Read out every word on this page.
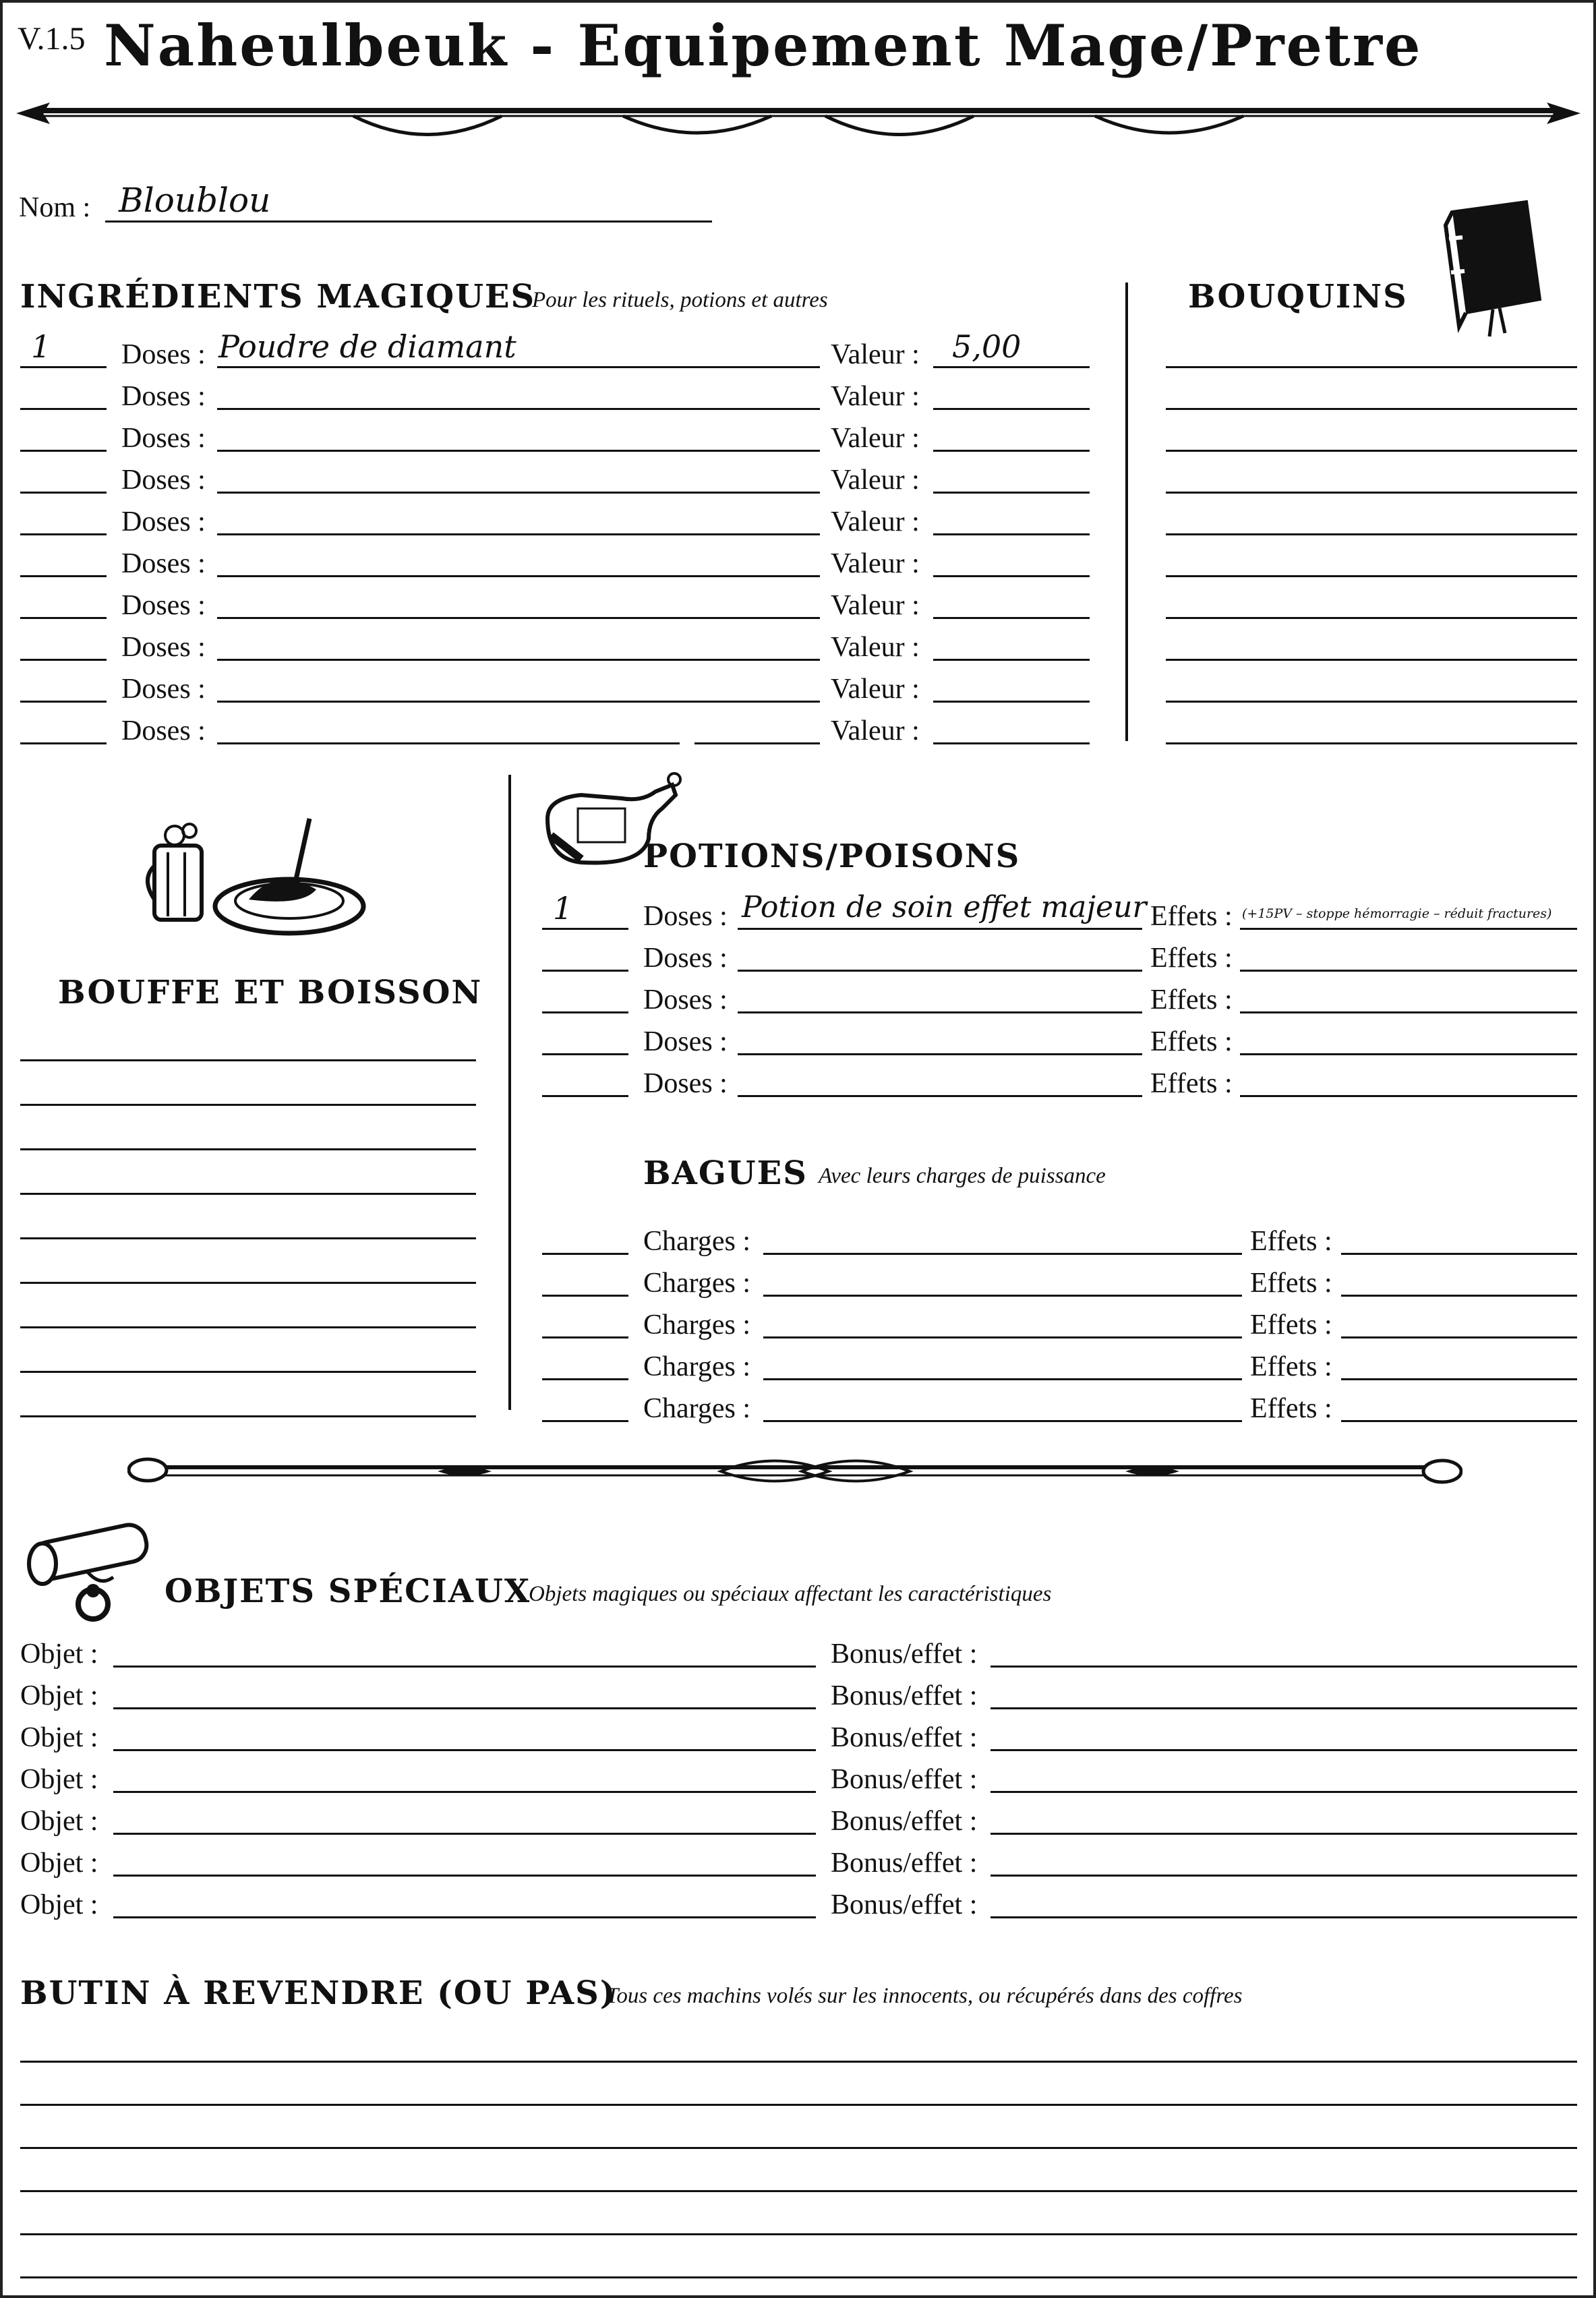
V.1.5 Naheulbeuk - Equipement Mage/Pretre
Nom : Bloublou
INGRÉDIENTS MAGIQUES
Pour les rituels, potions et autres
1 Doses : Poudre de diamant	Valeur : 5,00
Doses :	Valeur :
Doses :	Valeur :
Doses :	Valeur :
Doses :	Valeur :
Doses :	Valeur :
Doses :	Valeur :
Doses :	Valeur :
Doses :	Valeur :
Doses :	Valeur :
BOUQUINS
BOUFFE ET BOISSON
POTIONS/POISONS
1 Doses : Potion de soin effet majeur Effets : (+15PV – stoppe hémorragie – réduit fractures)
Doses :	Effets :
Doses :	Effets :
Doses :	Effets :
Doses :	Effets :
BAGUES Avec leurs charges de puissance
Charges :	Effets :
Charges :	Effets :
Charges :	Effets :
Charges :	Effets :
Charges :	Effets :
OBJETS SPÉCIAUX
Objets magiques ou spéciaux affectant les caractéristiques
Objet :	Bonus/effet :
Objet :	Bonus/effet :
Objet :	Bonus/effet :
Objet :	Bonus/effet :
Objet :	Bonus/effet :
Objet :	Bonus/effet :
Objet :	Bonus/effet :
BUTIN À REVENDRE (OU PAS)
Tous ces machins volés sur les innocents, ou récupérés dans des coffres
